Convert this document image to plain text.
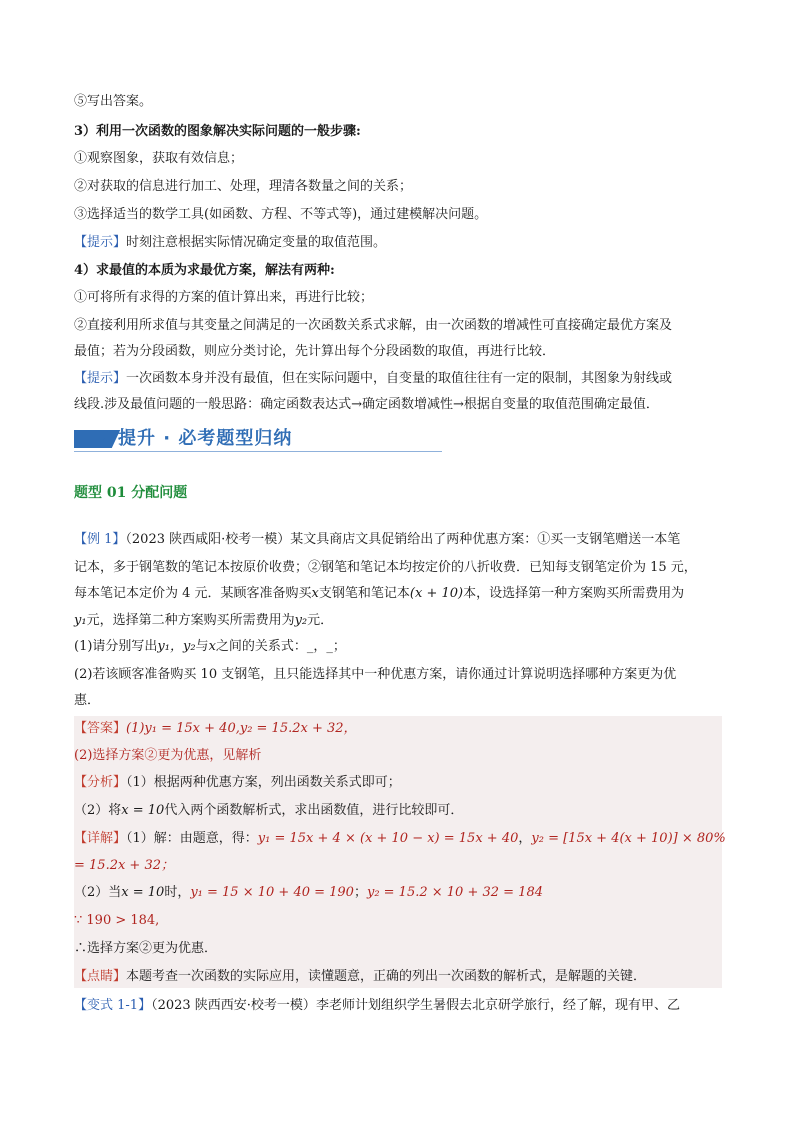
⑤写出答案。
3）利用一次函数的图象解决实际问题的一般步骤:
①观察图象，获取有效信息；
②对获取的信息进行加工、处理，理清各数量之间的关系；
③选择适当的数学工具(如函数、方程、不等式等)，通过建模解决问题。
【提示】时刻注意根据实际情况确定变量的取值范围。
4）求最值的本质为求最优方案，解法有两种:
①可将所有求得的方案的值计算出来，再进行比较；
②直接利用所求值与其变量之间满足的一次函数关系式求解，由一次函数的增减性可直接确定最优方案及
最值；若为分段函数，则应分类讨论，先计算出每个分段函数的取值，再进行比较．
【提示】一次函数本身并没有最值，但在实际问题中，自变量的取值往往有一定的限制，其图象为射线或
线段.涉及最值问题的一般思路：确定函数表达式→确定函数增减性→根据自变量的取值范围确定最值．
提升 · 必考题型归纳
题型 01 分配问题
【例 1】（2023 陕西咸阳·校考一模）某文具商店文具促销给出了两种优惠方案：①买一支钢笔赠送一本笔
记本，多于钢笔数的笔记本按原价收费；②钢笔和笔记本均按定价的八折收费．已知每支钢笔定价为 15 元，
每本笔记本定价为 4 元．某顾客准备购买x支钢笔和笔记本(x + 10)本，设选择第一种方案购买所需费用为
y₁元，选择第二种方案购买所需费用为y₂元．
(1)请分别写出y₁，y₂与x之间的关系式：_，_；
(2)若该顾客准备购买 10 支钢笔，且只能选择其中一种优惠方案，请你通过计算说明选择哪种方案更为优
惠．
【答案】(1)y₁ = 15x + 40,y₂ = 15.2x + 32，
(2)选择方案②更为优惠，见解析
【分析】（1）根据两种优惠方案，列出函数关系式即可；
（2）将x = 10代入两个函数解析式，求出函数值，进行比较即可．
【详解】（1）解：由题意，得：y₁ = 15x + 4 × (x + 10 − x) = 15x + 40，y₂ = [15x + 4(x + 10)] × 80%
= 15.2x + 32；
（2）当x = 10时，y₁ = 15 × 10 + 40 = 190；y₂ = 15.2 × 10 + 32 = 184
∵ 190 > 184,
∴选择方案②更为优惠．
【点睛】本题考查一次函数的实际应用，读懂题意，正确的列出一次函数的解析式，是解题的关键．
【变式 1-1】（2023 陕西西安·校考一模）李老师计划组织学生暑假去北京研学旅行，经了解，现有甲、乙
